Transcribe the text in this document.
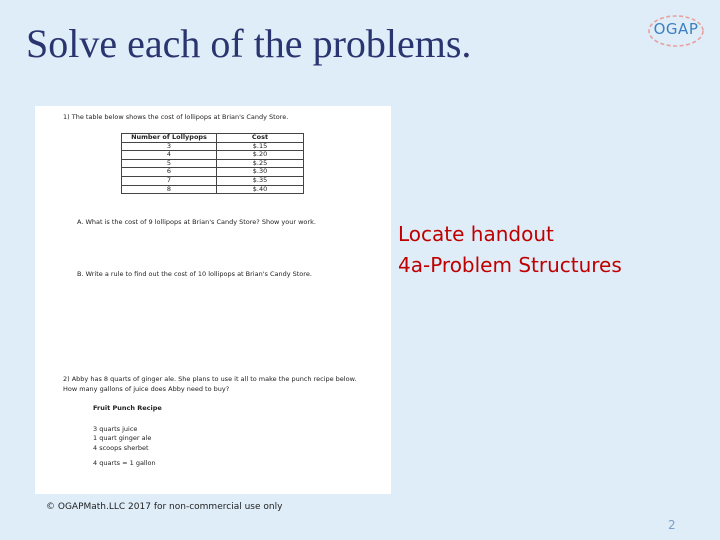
Solve each of the problems.	OGAP
1) The table below shows the cost of lollipops at Brian's Candy Store.
Number of Lollypops	Cost
3	$.15
4	$.20
5	$.25
6	$.30
7	$.35
8	$.40
A. What is the cost of 9 lollipops at Brian's Candy Store? Show your work.
B. Write a rule to find out the cost of 10 lollipops at Brian's Candy Store.
2) Abby has 8 quarts of ginger ale. She plans to use it all to make the punch recipe below. How many gallons of juice does Abby need to buy?
Fruit Punch Recipe
3 quarts juice
1 quart ginger ale
4 scoops sherbet
4 quarts = 1 gallon
Locate handout
4a-Problem Structures
© OGAPMath.LLC 2017 for non-commercial use only
2
